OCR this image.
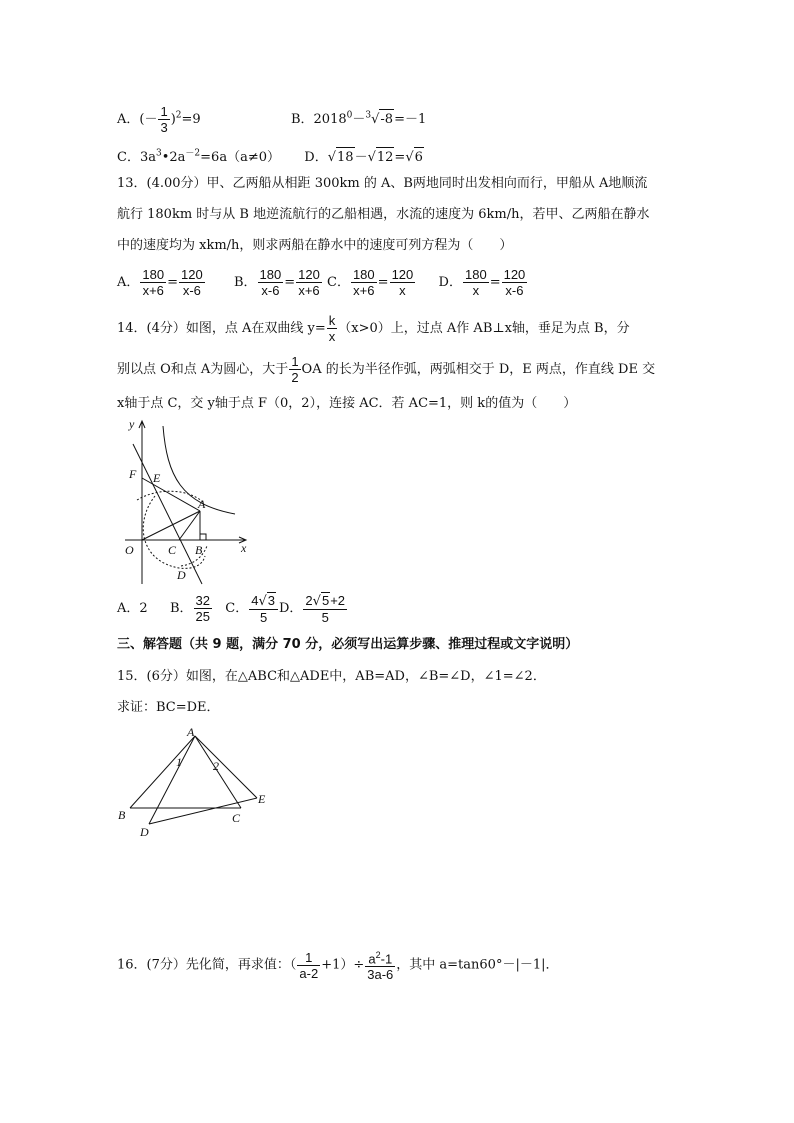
A．(－ $\frac{1}{3} )^2=9$	B．$2018^0-^3√-8=-1$
C．$3a^3•2a^{-2}=6a(a\ne 0)$ D．√18－√12=√6
13．(4.00分）甲、乙两船从相距 300km 的 A、B两地同时出发相向而行，甲船从 A地顺流
航行 180km 时与从 B 地逆流航行的乙船相遇，水流的速度为 6km/h，若甲、乙两船在静水
中的速度均为 xkm/h，则求两船在静水中的速度可列方程为（　　）
A． $\frac{180}{x+6} = \frac{120}{x-6}$ B． $\frac{180}{x-6} = \frac{120}{x+6}$ C． $\frac{180}{x+6} = \frac{120}{x}$ D． $\frac{180}{x} = \frac{120}{x-6}$
14．(4分）如图，点 A在双曲线 $y= \frac{k}{x} (x>0)$上，过点 A作 AB⊥x轴，垂足为点 B，分
别以点 O和点 A为圆心，大于 $\frac{1}{2}$ OA 的长为半径作弧，两弧相交于 D，E 两点，作直线 DE 交
x轴于点 C，交 y轴于点 F（0，2），连接 AC．若 AC=1，则 k的值为（　　）
y
x
O
F E
A
C B
D
A．2 B． $\frac{32}{25}$ C． $\frac{4√3}{5}$ D． $\frac{2√5+2}{5}$
三、解答题（共 9 题，满分 70 分，必须写出运算步骤、推理过程或文字说明）
15．(6分）如图，在△ABC和△ADE中，AB=AD，∠B=∠D，∠1=∠2．
求证：BC=DE．
A
B	C
D
E
1	2
16．(7分）先化简，再求值：（ $\frac{1}{a-2} +1)\div \frac{a^2-1}{3a-6}$ ，其中 a=tan60°－|－1|．
